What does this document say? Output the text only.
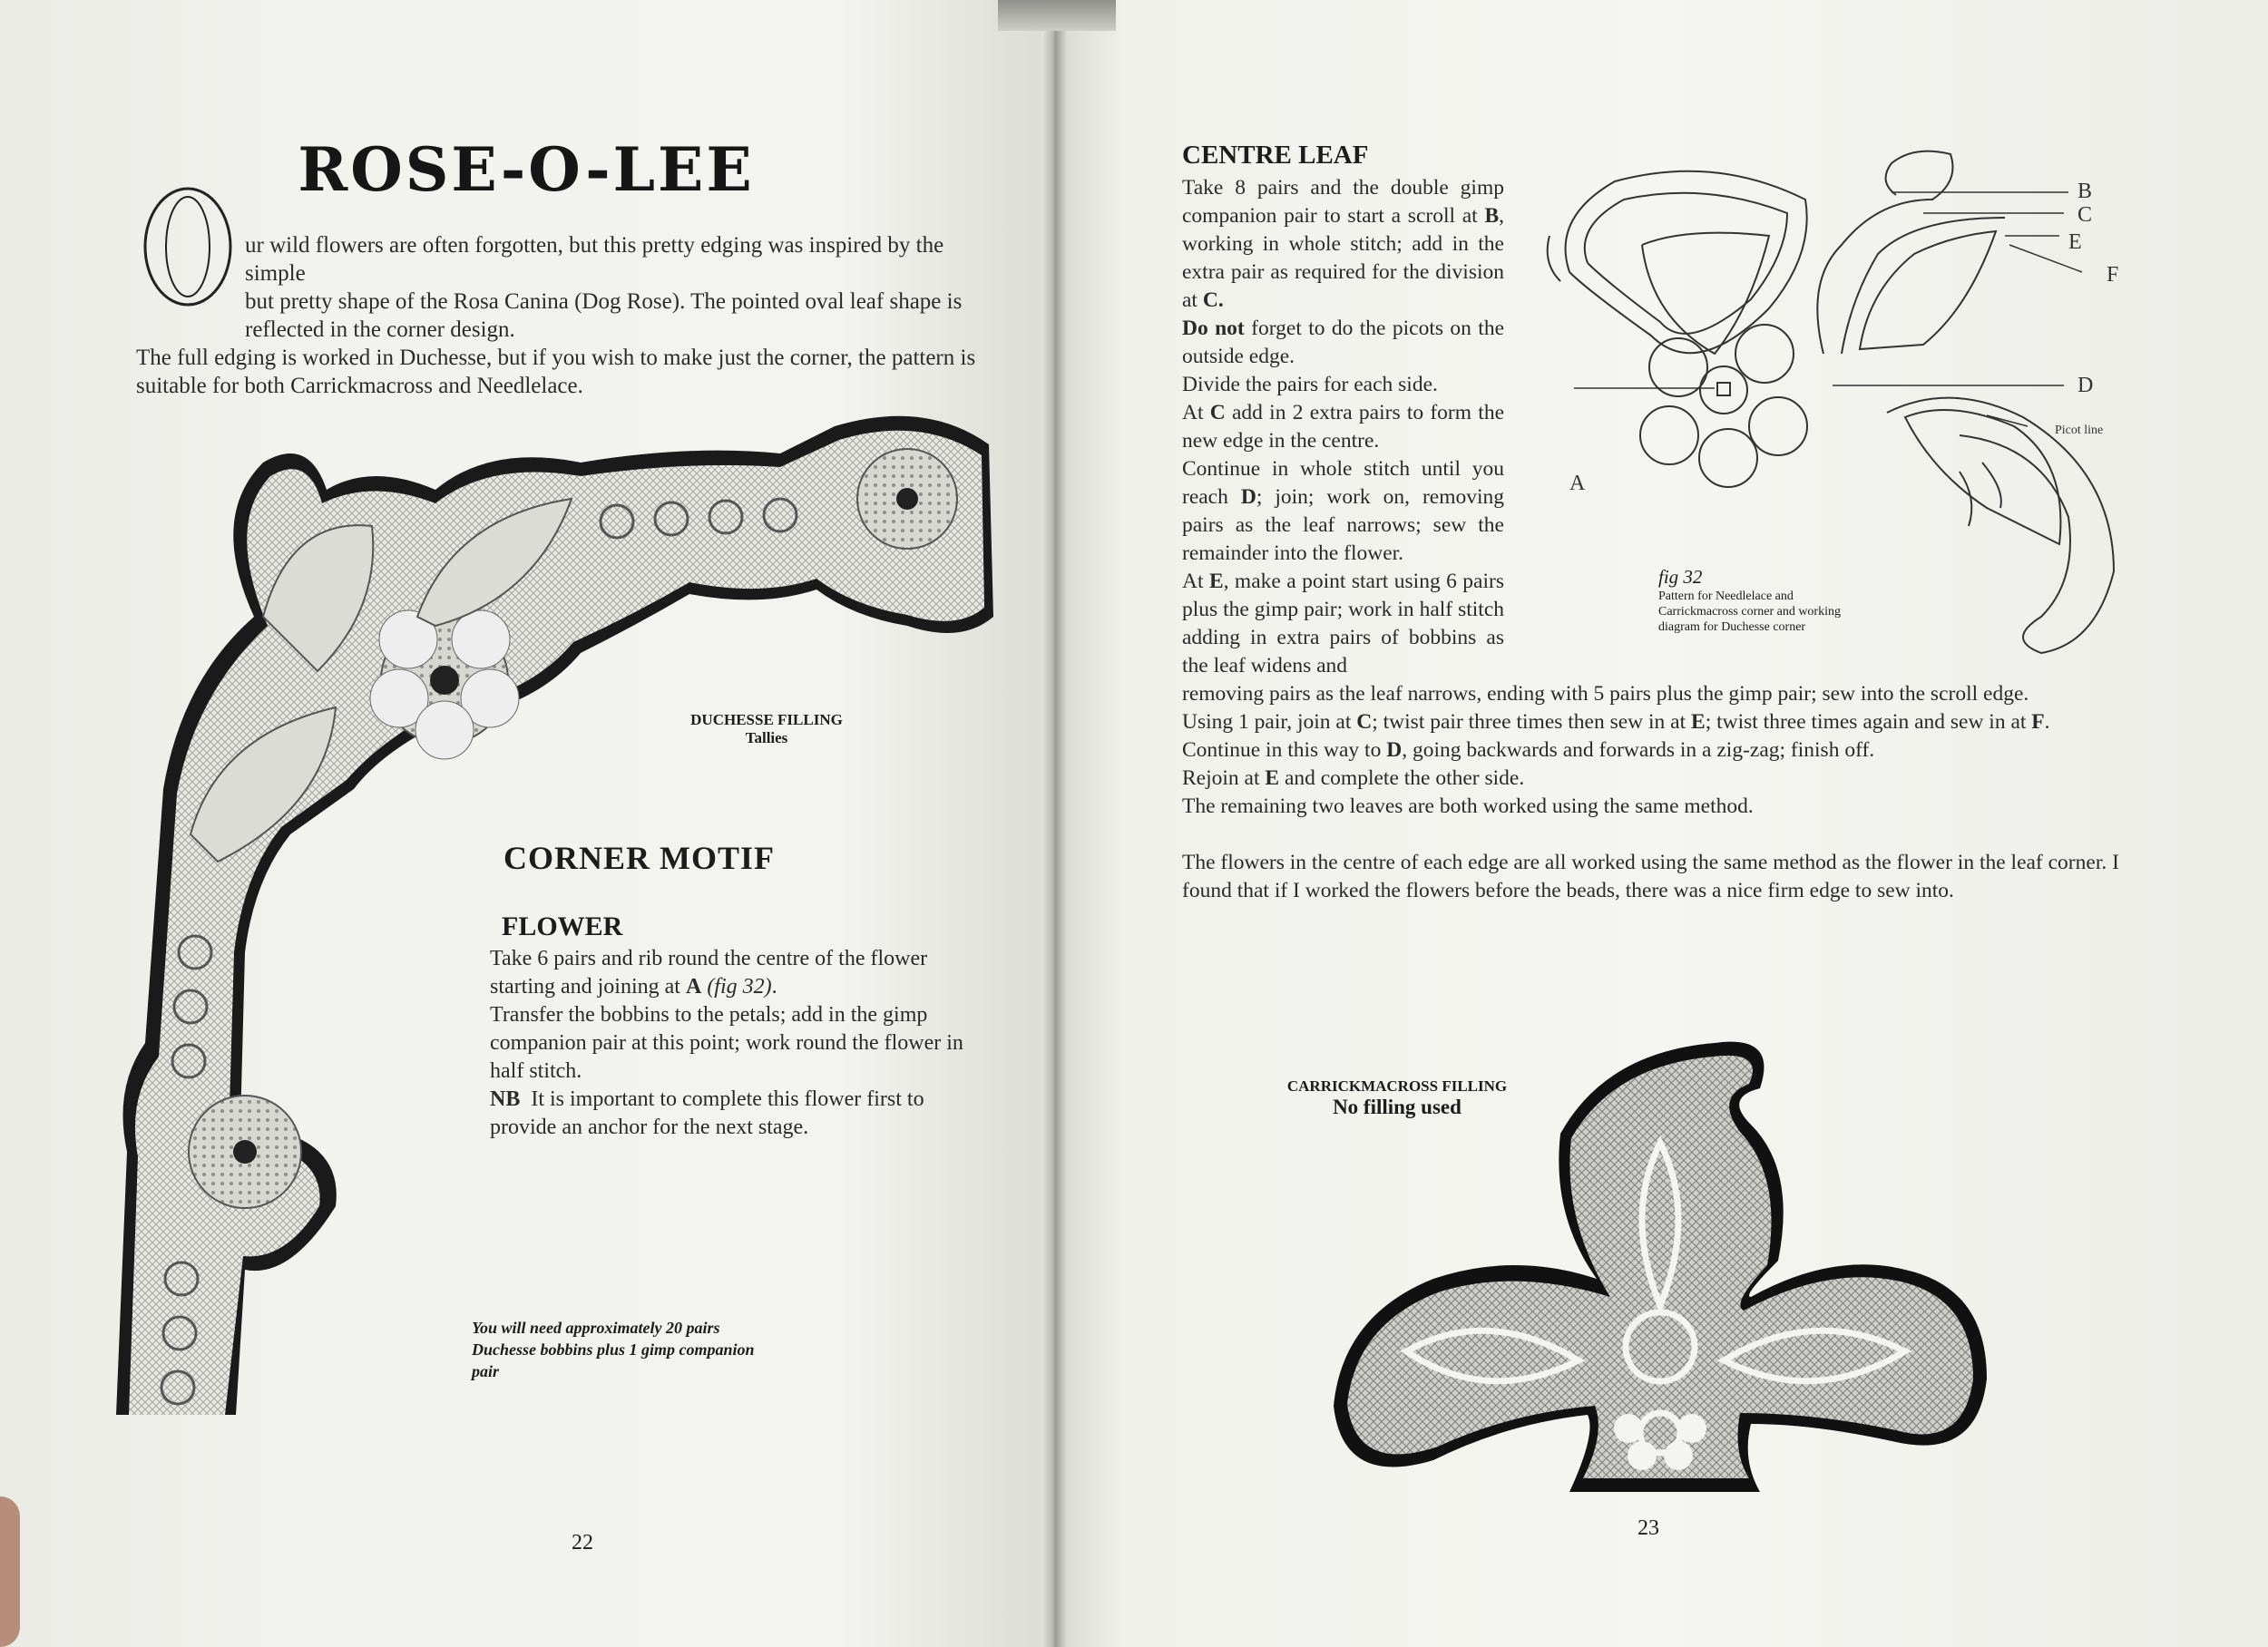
ROSE-O-LEE
O

ur wild flowers are often forgotten, but this pretty edging was inspired by the simple

but pretty shape of the Rosa Canina (Dog Rose). The pointed oval leaf shape is

reflected in the corner design.

The full edging is worked in Duchesse, but if you wish to make just the corner, the pattern is

suitable for both Carrickmacross and Needlelace.

DUCHESSE FILLING
Tallies
CORNER MOTIF
FLOWER

Take 6 pairs and rib round the centre of the flower starting and joining at A (fig 32).

Transfer the bobbins to the petals; add in the gimp companion pair at this point; work round the flower in half stitch.

NB It is important to complete this flower first to provide an anchor for the next stage.

You will need approximately 20 pairs Duchesse bobbins plus 1 gimp companion pair
22
CENTRE LEAF

Take 8 pairs and the double gimp companion pair to start a scroll at B, working in whole stitch; add in the extra pair as required for the division at C.

Do not forget to do the picots on the outside edge.

Divide the pairs for each side.

At C add in 2 extra pairs to form the new edge in the centre.

Continue in whole stitch until you reach D; join; work on, removing pairs as the leaf narrows; sew the remainder into the flower.

At E, make a point start using 6 pairs plus the gimp pair; work in half stitch adding in extra pairs of bobbins as the leaf widens and

removing pairs as the leaf narrows, ending with 5 pairs plus the gimp pair; sew into the scroll edge.

Using 1 pair, join at C; twist pair three times then sew in at E; twist three times again and sew in at F.

Continue in this way to D, going backwards and forwards in a zig-zag; finish off.

Rejoin at E and complete the other side.

The remaining two leaves are both worked using the same method.

The flowers in the centre of each edge are all worked using the same method as the flower in the leaf corner. I found that if I worked the flowers before the beads, there was a nice firm edge to sew into.

B
C
E
F
D
A
Picot line
fig 32
Pattern for Needlelace and Carrickmacross corner and working diagram for Duchesse corner
CARRICKMACROSS FILLING
No filling used
23
